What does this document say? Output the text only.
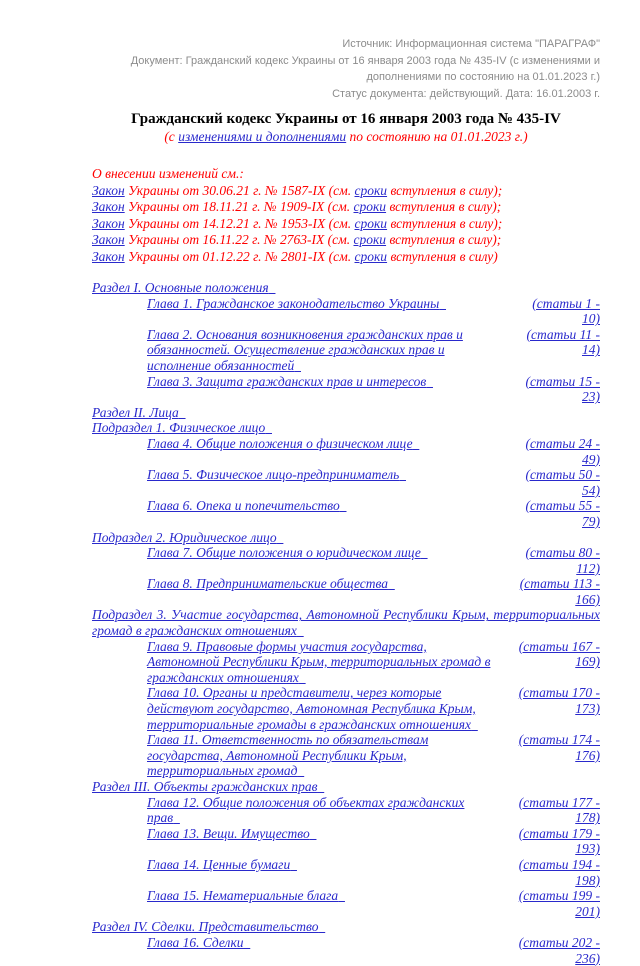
Источник: Информационная система "ПАРАГРАФ"
Документ: Гражданский кодекс Украины от 16 января 2003 года № 435-IV (с изменениями и дополнениями по состоянию на 01.01.2023 г.)
Статус документа: действующий. Дата: 16.01.2003 г.
Гражданский кодекс Украины от 16 января 2003 года № 435-IV
(с изменениями и дополнениями по состоянию на 01.01.2023 г.)
О внесении изменений см.:
Закон Украины от 30.06.21 г. № 1587-IX (см. сроки вступления в силу);
Закон Украины от 18.11.21 г. № 1909-IX (см. сроки вступления в силу);
Закон Украины от 14.12.21 г. № 1953-IX (см. сроки вступления в силу);
Закон Украины от 16.11.22 г. № 2763-IX (см. сроки вступления в силу);
Закон Украины от 01.12.22 г. № 2801-IX (см. сроки вступления в силу)
Раздел I. Основные положения
Глава 1. Гражданское законодательство Украины	(статьи 1 - 10)
Глава 2. Основания возникновения гражданских прав и обязанностей. Осуществление гражданских прав и исполнение обязанностей
(статьи 11 - 14)
Глава 3. Защита гражданских прав и интересов	(статьи 15 - 23)
Раздел II. Лица
Подраздел 1. Физическое лицо
Глава 4. Общие положения о физическом лице	(статьи 24 - 49)
Глава 5. Физическое лицо-предприниматель	(статьи 50 - 54)
Глава 6. Опека и попечительство	(статьи 55 - 79)
Подраздел 2. Юридическое лицо
Глава 7. Общие положения о юридическом лице	(статьи 80 - 112)
Глава 8. Предпринимательские общества	(статьи 113 - 166)
Подраздел 3. Участие государства, Автономной Республики Крым, территориальных громад в гражданских отношениях
Глава 9. Правовые формы участия государства, Автономной Республики Крым, территориальных громад в гражданских отношениях
(статьи 167 - 169)
Глава 10. Органы и представители, через которые действуют государство, Автономная Республика Крым, территориальные громады в гражданских отношениях
(статьи 170 - 173)
Глава 11. Ответственность по обязательствам государства, Автономной Республики Крым, территориальных громад
(статьи 174 - 176)
Раздел III. Объекты гражданских прав
Глава 12. Общие положения об объектах гражданских прав
(статьи 177 - 178)
Глава 13. Вещи. Имущество	(статьи 179 - 193)
Глава 14. Ценные бумаги	(статьи 194 - 198)
Глава 15. Нематериальные блага	(статьи 199 - 201)
Раздел IV. Сделки. Представительство
Глава 16. Сделки	(статьи 202 - 236)
